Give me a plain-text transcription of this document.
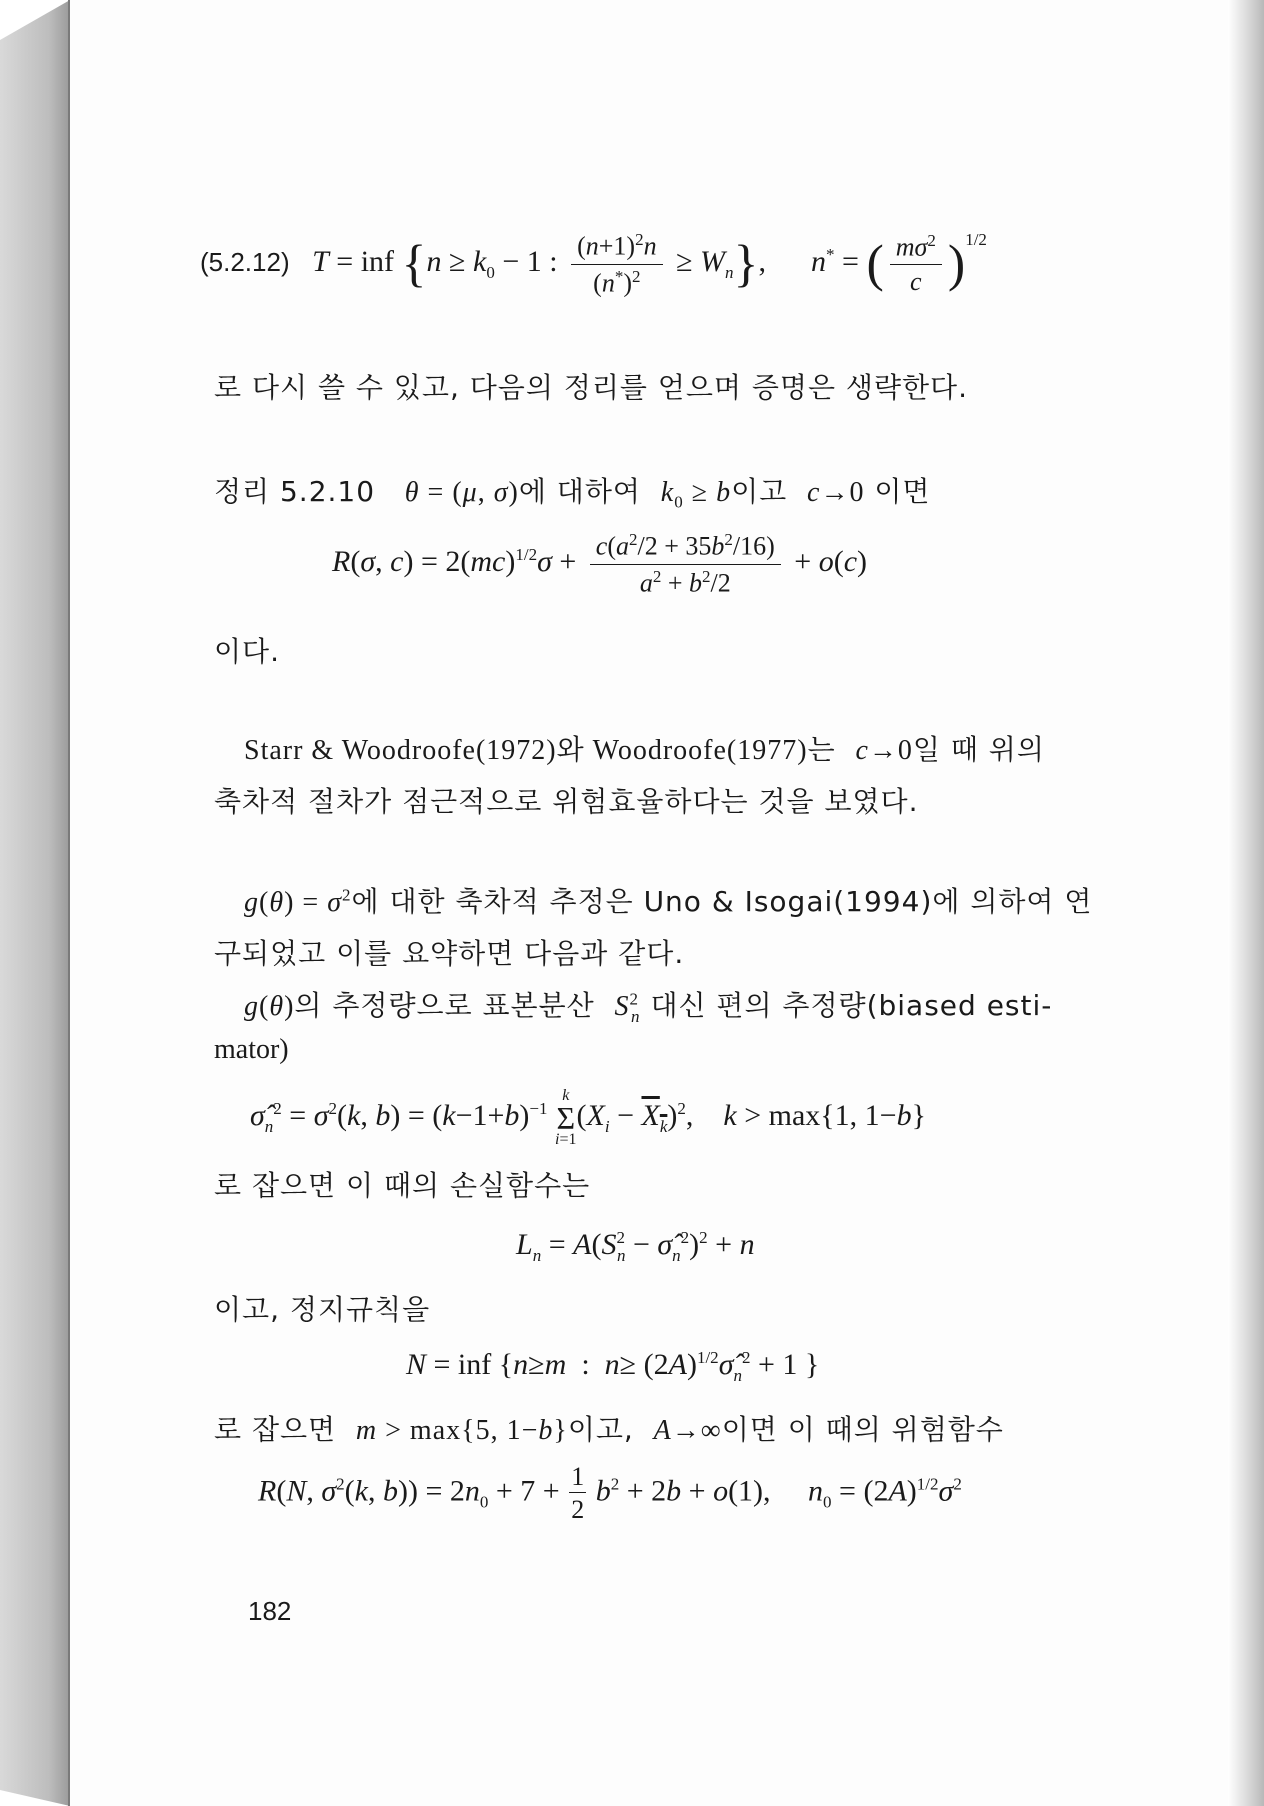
(5.2.12) T = inf {$n \ge k_0 - 1$ : $\frac{(n+1)^2n}{(n^*)^2} \ge W_n$},      n* = ( $\frac{m\sigma^2}{c} )^{1/2}$
로 다시 쓸 수 있고, 다음의 정리를 얻으며 증명은 생략한다.
정리 5.2.10 θ = (μ, σ)에 대하여 $k_0 \ge b$이고 c→0 이면
R(σ, $c) = 2(mc)^{1/2}\sigma + \frac{c(a^2/2 + 35b^2/16)}{a^2 + b^2/2} + o(c)$
이다.
Starr & Woodroofe(1972)와 Woodroofe(1977)는 c→0일 때 위의
축차적 절차가 점근적으로 위험효율하다는 것을 보였다.
$g(\theta) = \sigma^2$에 대한 축차적 추정은 Uno & Isogai(1994)에 의하여 연
구되었고 이를 요약하면 다음과 같다.
g(θ)의 추정량으로 표본분산 $S^2_n$ 대신 편의 추정량(biased esti-
mator)
$\sigmâ_n^2 = \sigma^2(k$, $b) = (k-1+b)^{-1}$ k
Σ
$i=1(X_i - X_k)^2$,    k > max{1, 1−b}
로 잡으면 이 때의 손실함수는
$L_n = A(S^2_n$ − $\sigmâ_n^2)^2 + n$
이고, 정지규칙을
N = inf {n≥m  :  $n\ge (2A)^{1/2}\sigmâ_n^2 + 1$ }
로 잡으면 m > max{5, 1−b}이고, A→∞이면 이 때의 위험함수
R(N, $\sigma^2(k$, $b)) = 2n_0 + 7 + \frac{1}{2} b^2 + 2b + o(1)$,     $n_0 = (2A)^{1/2}\sigma^2$
182
